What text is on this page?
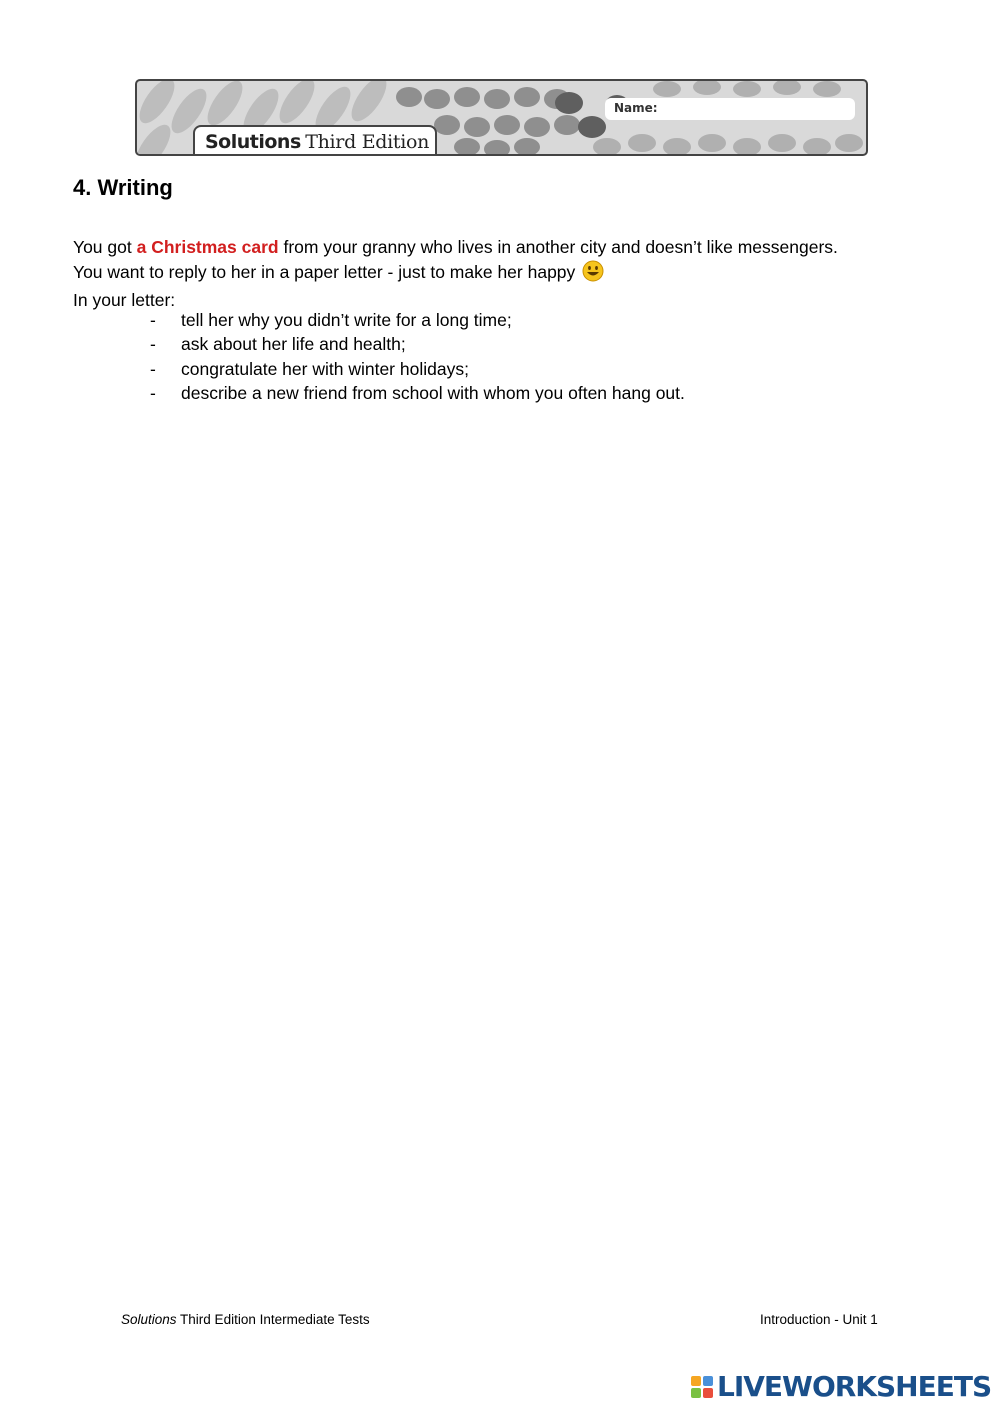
Name:
Solutions Third Edition
4. Writing

You got a Christmas card from your granny who lives in another city and doesn’t like messengers.

You want to reply to her in a paper letter - just to make her happy

In your letter:

- tell her why you didn’t write for a long time;
- ask about her life and health;
- congratulate her with winter holidays;
- describe a new friend from school with whom you often hang out.
Solutions Third Edition Intermediate Tests	Introduction - Unit 1
LIVEWORKSHEETS
